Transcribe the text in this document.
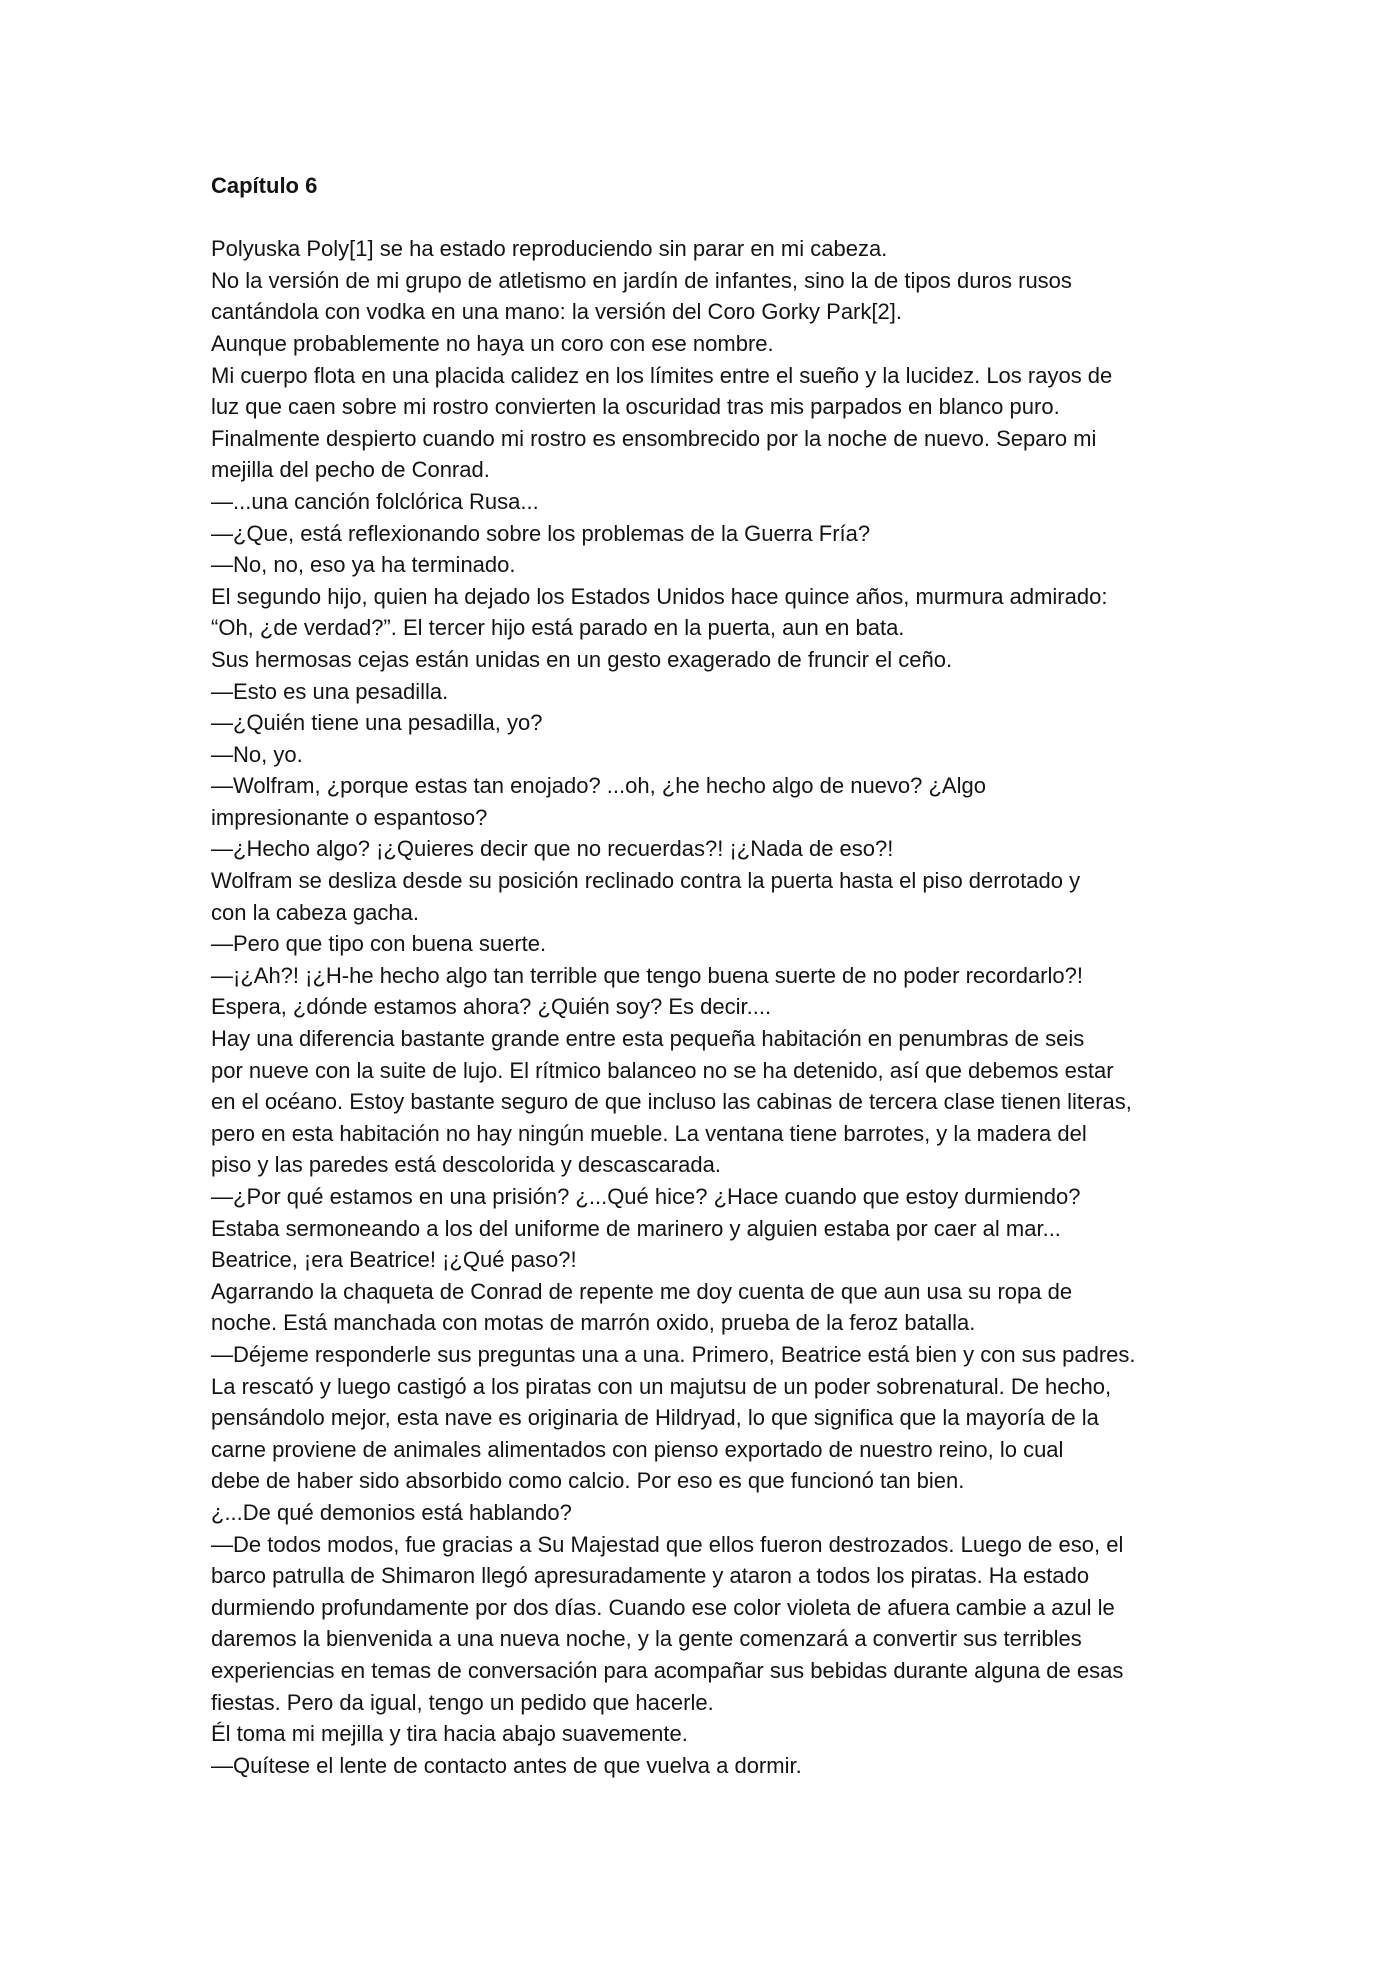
Capítulo 6

Polyuska Poly[1] se ha estado reproduciendo sin parar en mi cabeza.

No la versión de mi grupo de atletismo en jardín de infantes, sino la de tipos duros rusos
cantándola con vodka en una mano: la versión del Coro Gorky Park[2].

Aunque probablemente no haya un coro con ese nombre.

Mi cuerpo flota en una placida calidez en los límites entre el sueño y la lucidez. Los rayos de
luz que caen sobre mi rostro convierten la oscuridad tras mis parpados en blanco puro.
Finalmente despierto cuando mi rostro es ensombrecido por la noche de nuevo. Separo mi
mejilla del pecho de Conrad.

—...una canción folclórica Rusa...

—¿Que, está reflexionando sobre los problemas de la Guerra Fría?

—No, no, eso ya ha terminado.

El segundo hijo, quien ha dejado los Estados Unidos hace quince años, murmura admirado:
“Oh, ¿de verdad?”. El tercer hijo está parado en la puerta, aun en bata.

Sus hermosas cejas están unidas en un gesto exagerado de fruncir el ceño.

—Esto es una pesadilla.

—¿Quién tiene una pesadilla, yo?

—No, yo.

—Wolfram, ¿porque estas tan enojado? ...oh, ¿he hecho algo de nuevo? ¿Algo
impresionante o espantoso?

—¿Hecho algo? ¡¿Quieres decir que no recuerdas?! ¡¿Nada de eso?!

Wolfram se desliza desde su posición reclinado contra la puerta hasta el piso derrotado y
con la cabeza gacha.

—Pero que tipo con buena suerte.

—¡¿Ah?! ¡¿H-he hecho algo tan terrible que tengo buena suerte de no poder recordarlo?!
Espera, ¿dónde estamos ahora? ¿Quién soy? Es decir....

Hay una diferencia bastante grande entre esta pequeña habitación en penumbras de seis
por nueve con la suite de lujo. El rítmico balanceo no se ha detenido, así que debemos estar
en el océano. Estoy bastante seguro de que incluso las cabinas de tercera clase tienen literas,
pero en esta habitación no hay ningún mueble. La ventana tiene barrotes, y la madera del
piso y las paredes está descolorida y descascarada.

—¿Por qué estamos en una prisión? ¿...Qué hice? ¿Hace cuando que estoy durmiendo?
Estaba sermoneando a los del uniforme de marinero y alguien estaba por caer al mar...
Beatrice, ¡era Beatrice! ¡¿Qué paso?!

Agarrando la chaqueta de Conrad de repente me doy cuenta de que aun usa su ropa de
noche. Está manchada con motas de marrón oxido, prueba de la feroz batalla.

—Déjeme responderle sus preguntas una a una. Primero, Beatrice está bien y con sus padres.
La rescató y luego castigó a los piratas con un majutsu de un poder sobrenatural. De hecho,
pensándolo mejor, esta nave es originaria de Hildryad, lo que significa que la mayoría de la
carne proviene de animales alimentados con pienso exportado de nuestro reino, lo cual
debe de haber sido absorbido como calcio. Por eso es que funcionó tan bien.

¿...De qué demonios está hablando?

—De todos modos, fue gracias a Su Majestad que ellos fueron destrozados. Luego de eso, el
barco patrulla de Shimaron llegó apresuradamente y ataron a todos los piratas. Ha estado
durmiendo profundamente por dos días. Cuando ese color violeta de afuera cambie a azul le
daremos la bienvenida a una nueva noche, y la gente comenzará a convertir sus terribles
experiencias en temas de conversación para acompañar sus bebidas durante alguna de esas
fiestas. Pero da igual, tengo un pedido que hacerle.

Él toma mi mejilla y tira hacia abajo suavemente.

—Quítese el lente de contacto antes de que vuelva a dormir.
